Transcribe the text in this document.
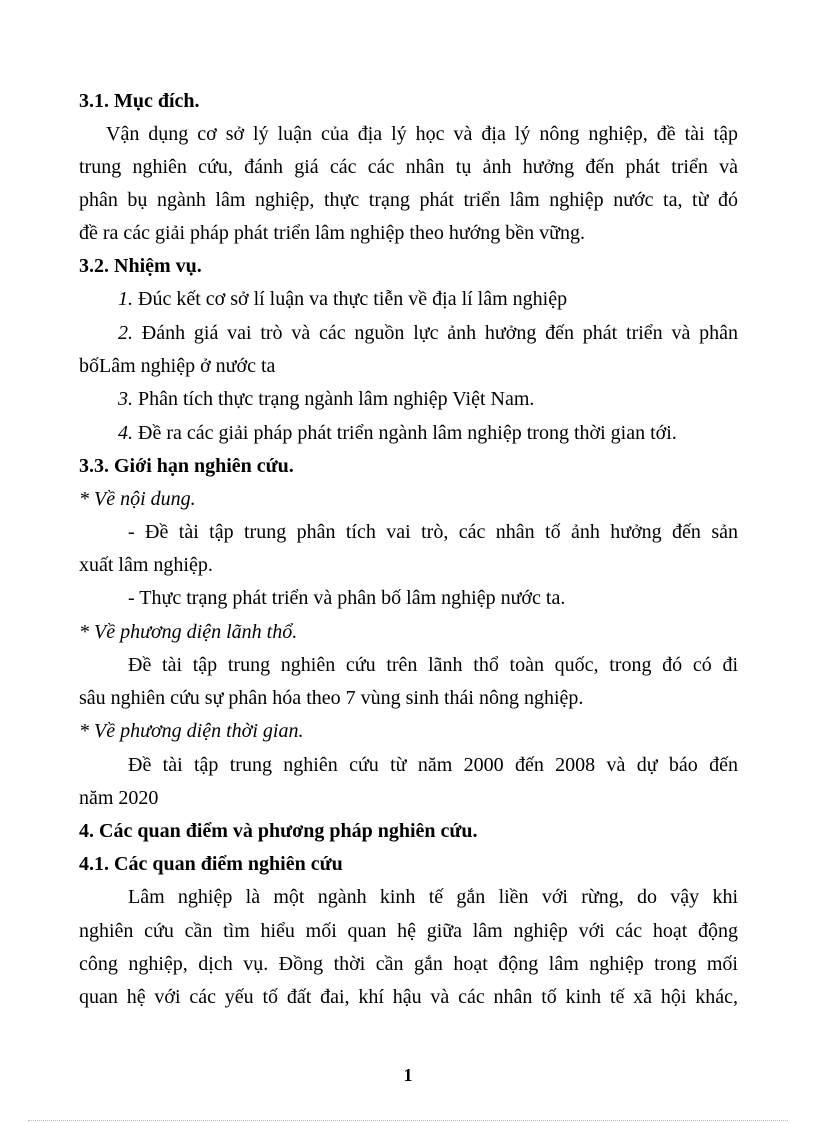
3.1. Mục đích.
Vận dụng cơ sở lý luận của địa lý học và địa lý nông nghiệp, đề tài tập
trung nghiên cứu, đánh giá các các nhân tụ ảnh hưởng đến phát triển và
phân bụ ngành lâm nghiệp, thực trạng phát triển lâm nghiệp nước ta, từ đó
đề ra các giải pháp phát triển lâm nghiệp theo hướng bền vững.
3.2. Nhiệm vụ.
1. Đúc kết cơ sở lí luận va thực tiễn về địa lí lâm nghiệp
2. Đánh giá vai trò và các nguồn lực ảnh hưởng đến phát triển và phân
bốLâm nghiệp ở nước ta
3. Phân tích thực trạng ngành lâm nghiệp Việt Nam.
4. Đề ra các giải pháp phát triển ngành lâm nghiệp trong thời gian tới.
3.3. Giới hạn nghiên cứu.
* Về nội dung.
- Đề tài tập trung phân tích vai trò, các nhân tố ảnh hưởng đến sản
xuất lâm nghiệp.
- Thực trạng phát triển và phân bố lâm nghiệp nước ta.
* Về phương diện lãnh thổ.
Đề tài tập trung nghiên cứu trên lãnh thổ toàn quốc, trong đó có đi
sâu nghiên cứu sự phân hóa theo 7 vùng sinh thái nông nghiệp.
* Về phương diện thời gian.
Đề tài tập trung nghiên cứu từ năm 2000 đến 2008 và dự báo đến
năm 2020
4. Các quan điểm và phương pháp nghiên cứu.
4.1. Các quan điểm nghiên cứu
Lâm nghiệp là một ngành kinh tế gắn liền với rừng, do vậy khi
nghiên cứu cần tìm hiểu mối quan hệ giữa lâm nghiệp với các hoạt động
công nghiệp, dịch vụ. Đồng thời cần gắn hoạt động lâm nghiệp trong mối
quan hệ với các yếu tố đất đai, khí hậu và các nhân tố kinh tế xã hội khác,
1
